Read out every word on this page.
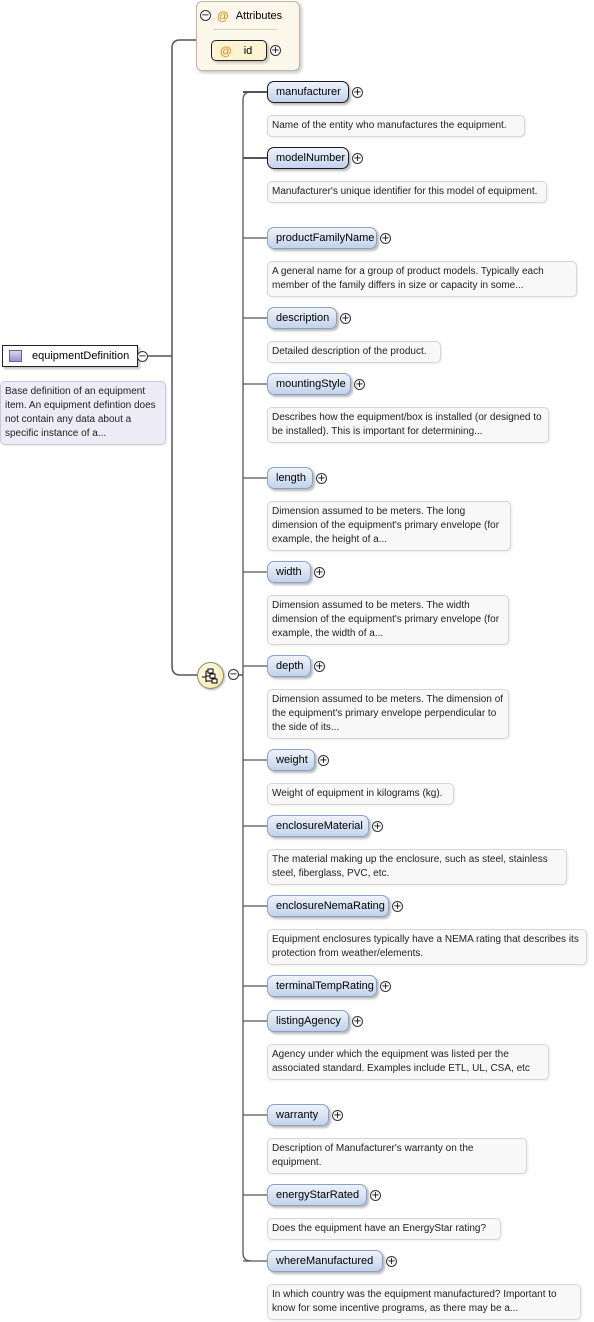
equipmentDefinition −
Base definition of an equipment item. An equipment defintion does not contain any data about a specific instance of a...
− @ Attributes
@ id +
−
manufacturer	+
Name of the entity who manufactures the equipment.
modelNumber +
Manufacturer's unique identifier for this model of equipment.
productFamilyName +
A general name for a group of product models. Typically each member of the family differs in size or capacity in some...
description	+
Detailed description of the product.
mountingStyle +
Describes how the equipment/box is installed (or designed to be installed). This is important for determining...
length	+
Dimension assumed to be meters. The long dimension of the equipment's primary envelope (for example, the height of a...
width	+
Dimension assumed to be meters. The width dimension of the equipment's primary envelope (for example, the width of a...
depth	+
Dimension assumed to be meters. The dimension of the equipment's primary envelope perpendicular to the side of its...
weight	+
Weight of equipment in kilograms (kg).
enclosureMaterial	+
The material making up the enclosure, such as steel, stainless steel, fiberglass, PVC, etc.
enclosureNemaRating +
Equipment enclosures typically have a NEMA rating that describes its protection from weather/elements.
terminalTempRating +
listingAgency	+
Agency under which the equipment was listed per the associated standard. Examples include ETL, UL, CSA, etc
warranty	+
Description of Manufacturer's warranty on the equipment.
energyStarRated	+
Does the equipment have an EnergyStar rating?
whereManufactured	+
In which country was the equipment manufactured? Important to know for some incentive programs, as there may be a...
